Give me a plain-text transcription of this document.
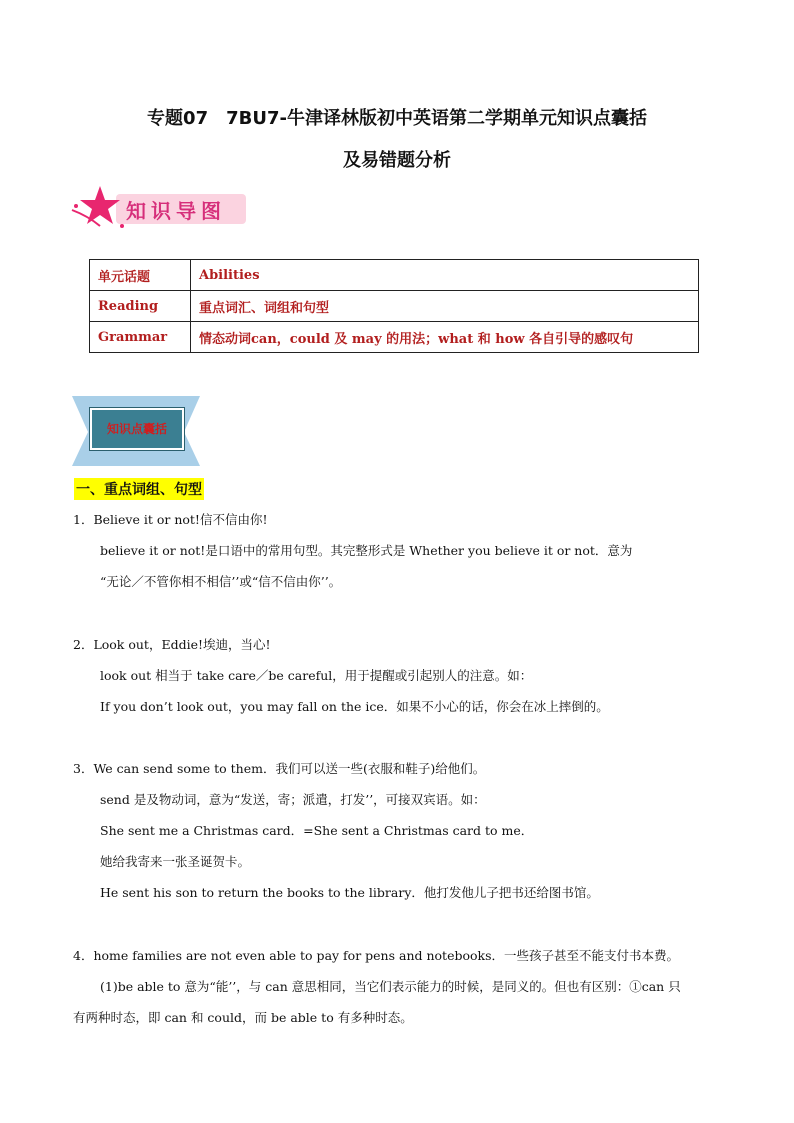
专题07　7BU7-牛津译林版初中英语第二学期单元知识点囊括
及易错题分析
知识导图
单元话题	Abilities
Reading	重点词汇、词组和句型
Grammar	情态动词can，could 及 may 的用法；what 和 how 各自引导的感叹句
知识点囊括
一、重点词组、句型
1．Believe it or not!信不信由你!
believe it or not!是口语中的常用句型。其完整形式是 Whether you believe it or not．意为
“无论／不管你相不相信’’或“信不信由你’’。
2．Look out，Eddie!埃迪，当心!
look out 相当于 take care／be careful，用于提醒或引起别人的注意。如：
If you don’t look out，you may fall on the ice．如果不小心的话，你会在冰上摔倒的。
3．We can send some to them．我们可以送一些(衣服和鞋子)给他们。
send 是及物动词，意为“发送，寄；派遣，打发’’，可接双宾语。如：
She sent me a Christmas card．=She sent a Christmas card to me．
她给我寄来一张圣诞贺卡。
He sent his son to return the books to the library．他打发他儿子把书还给图书馆。
4．home families are not even able to pay for pens and notebooks．一些孩子甚至不能支付书本费。
(1)be able to 意为“能’’，与 can 意思相同，当它们表示能力的时候，是同义的。但也有区别：①can 只
有两种时态，即 can 和 could，而 be able to 有多种时态。
